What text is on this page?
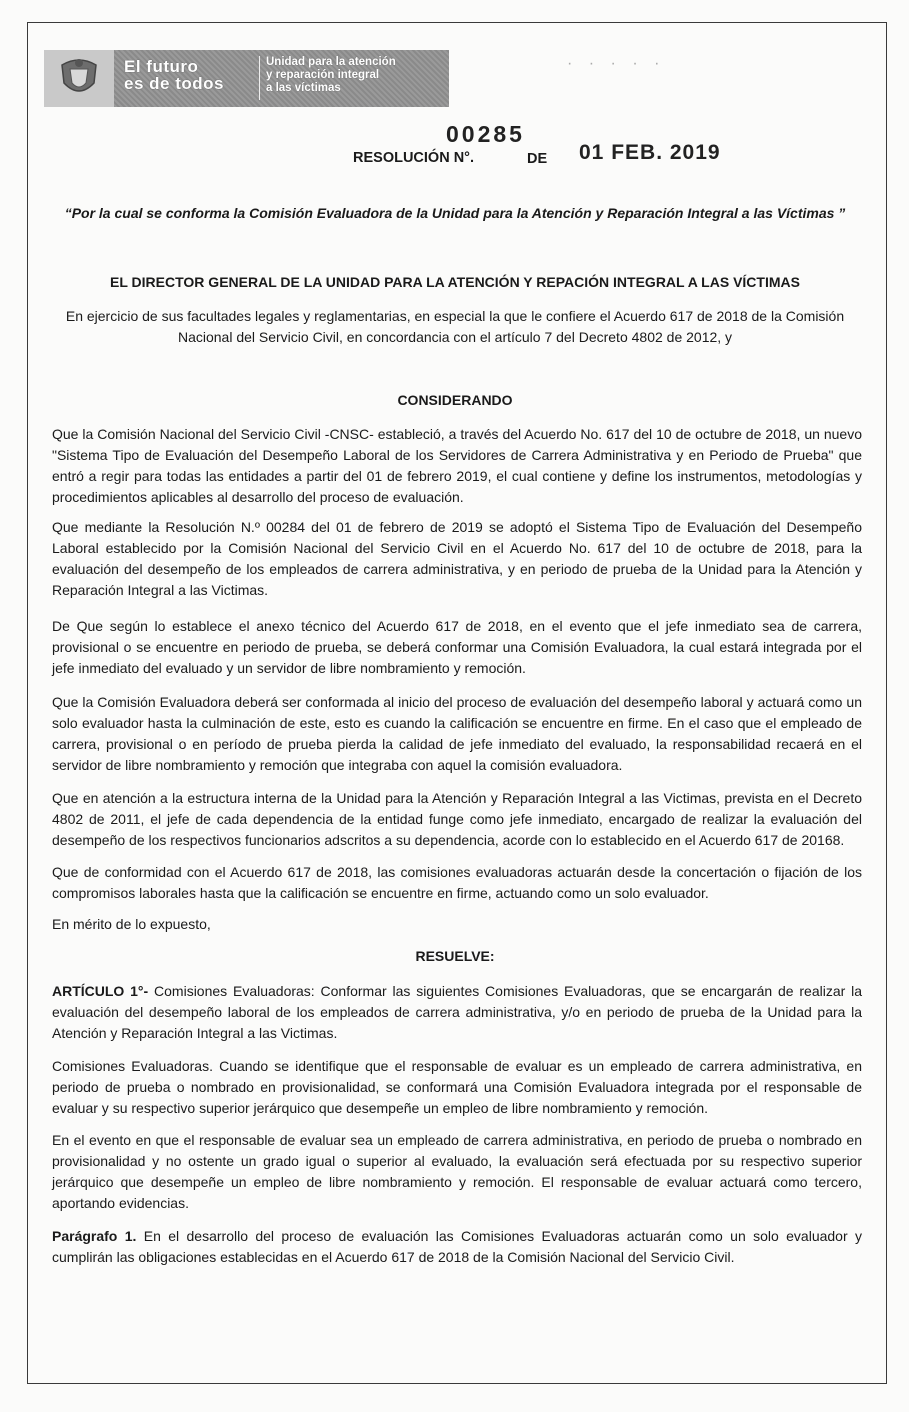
El futuro
es de todos
Unidad para la atención
y reparación integral
a las víctimas
· · · · ·
00285
RESOLUCIÓN N°.	DE 01 FEB. 2019
“Por la cual se conforma la Comisión Evaluadora de la Unidad para la Atención y Reparación Integral a las Víctimas ”
EL DIRECTOR GENERAL DE LA UNIDAD PARA LA ATENCIÓN Y REPACIÓN INTEGRAL A LAS VÍCTIMAS
En ejercicio de sus facultades legales y reglamentarias, en especial la que le confiere el Acuerdo 617 de 2018 de la Comisión Nacional del Servicio Civil, en concordancia con el artículo 7 del Decreto 4802 de 2012, y
CONSIDERANDO
Que la Comisión Nacional del Servicio Civil -CNSC- estableció, a través del Acuerdo No. 617 del 10 de octubre de 2018, un nuevo "Sistema Tipo de Evaluación del Desempeño Laboral de los Servidores de Carrera Administrativa y en Periodo de Prueba" que entró a regir para todas las entidades a partir del 01 de febrero 2019, el cual contiene y define los instrumentos, metodologías y procedimientos aplicables al desarrollo del proceso de evaluación.
Que mediante la Resolución N.º 00284 del 01 de febrero de 2019 se adoptó el Sistema Tipo de Evaluación del Desempeño Laboral establecido por la Comisión Nacional del Servicio Civil en el Acuerdo No. 617 del 10 de octubre de 2018, para la evaluación del desempeño de los empleados de carrera administrativa, y en periodo de prueba de la Unidad para la Atención y Reparación Integral a las Victimas.
De Que según lo establece el anexo técnico del Acuerdo 617 de 2018, en el evento que el jefe inmediato sea de carrera, provisional o se encuentre en periodo de prueba, se deberá conformar una Comisión Evaluadora, la cual estará integrada por el jefe inmediato del evaluado y un servidor de libre nombramiento y remoción.
Que la Comisión Evaluadora deberá ser conformada al inicio del proceso de evaluación del desempeño laboral y actuará como un solo evaluador hasta la culminación de este, esto es cuando la calificación se encuentre en firme. En el caso que el empleado de carrera, provisional o en período de prueba pierda la calidad de jefe inmediato del evaluado, la responsabilidad recaerá en el servidor de libre nombramiento y remoción que integraba con aquel la comisión evaluadora.
Que en atención a la estructura interna de la Unidad para la Atención y Reparación Integral a las Victimas, prevista en el Decreto 4802 de 2011, el jefe de cada dependencia de la entidad funge como jefe inmediato, encargado de realizar la evaluación del desempeño de los respectivos funcionarios adscritos a su dependencia, acorde con lo establecido en el Acuerdo 617 de 20168.
Que de conformidad con el Acuerdo 617 de 2018, las comisiones evaluadoras actuarán desde la concertación o fijación de los compromisos laborales hasta que la calificación se encuentre en firme, actuando como un solo evaluador.
En mérito de lo expuesto,
RESUELVE:
ARTÍCULO 1°- Comisiones Evaluadoras: Conformar las siguientes Comisiones Evaluadoras, que se encargarán de realizar la evaluación del desempeño laboral de los empleados de carrera administrativa, y/o en periodo de prueba de la Unidad para la Atención y Reparación Integral a las Victimas.
Comisiones Evaluadoras. Cuando se identifique que el responsable de evaluar es un empleado de carrera administrativa, en periodo de prueba o nombrado en provisionalidad, se conformará una Comisión Evaluadora integrada por el responsable de evaluar y su respectivo superior jerárquico que desempeñe un empleo de libre nombramiento y remoción.
En el evento en que el responsable de evaluar sea un empleado de carrera administrativa, en periodo de prueba o nombrado en provisionalidad y no ostente un grado igual o superior al evaluado, la evaluación será efectuada por su respectivo superior jerárquico que desempeñe un empleo de libre nombramiento y remoción. El responsable de evaluar actuará como tercero, aportando evidencias.
Parágrafo 1. En el desarrollo del proceso de evaluación las Comisiones Evaluadoras actuarán como un solo evaluador y cumplirán las obligaciones establecidas en el Acuerdo 617 de 2018 de la Comisión Nacional del Servicio Civil.
